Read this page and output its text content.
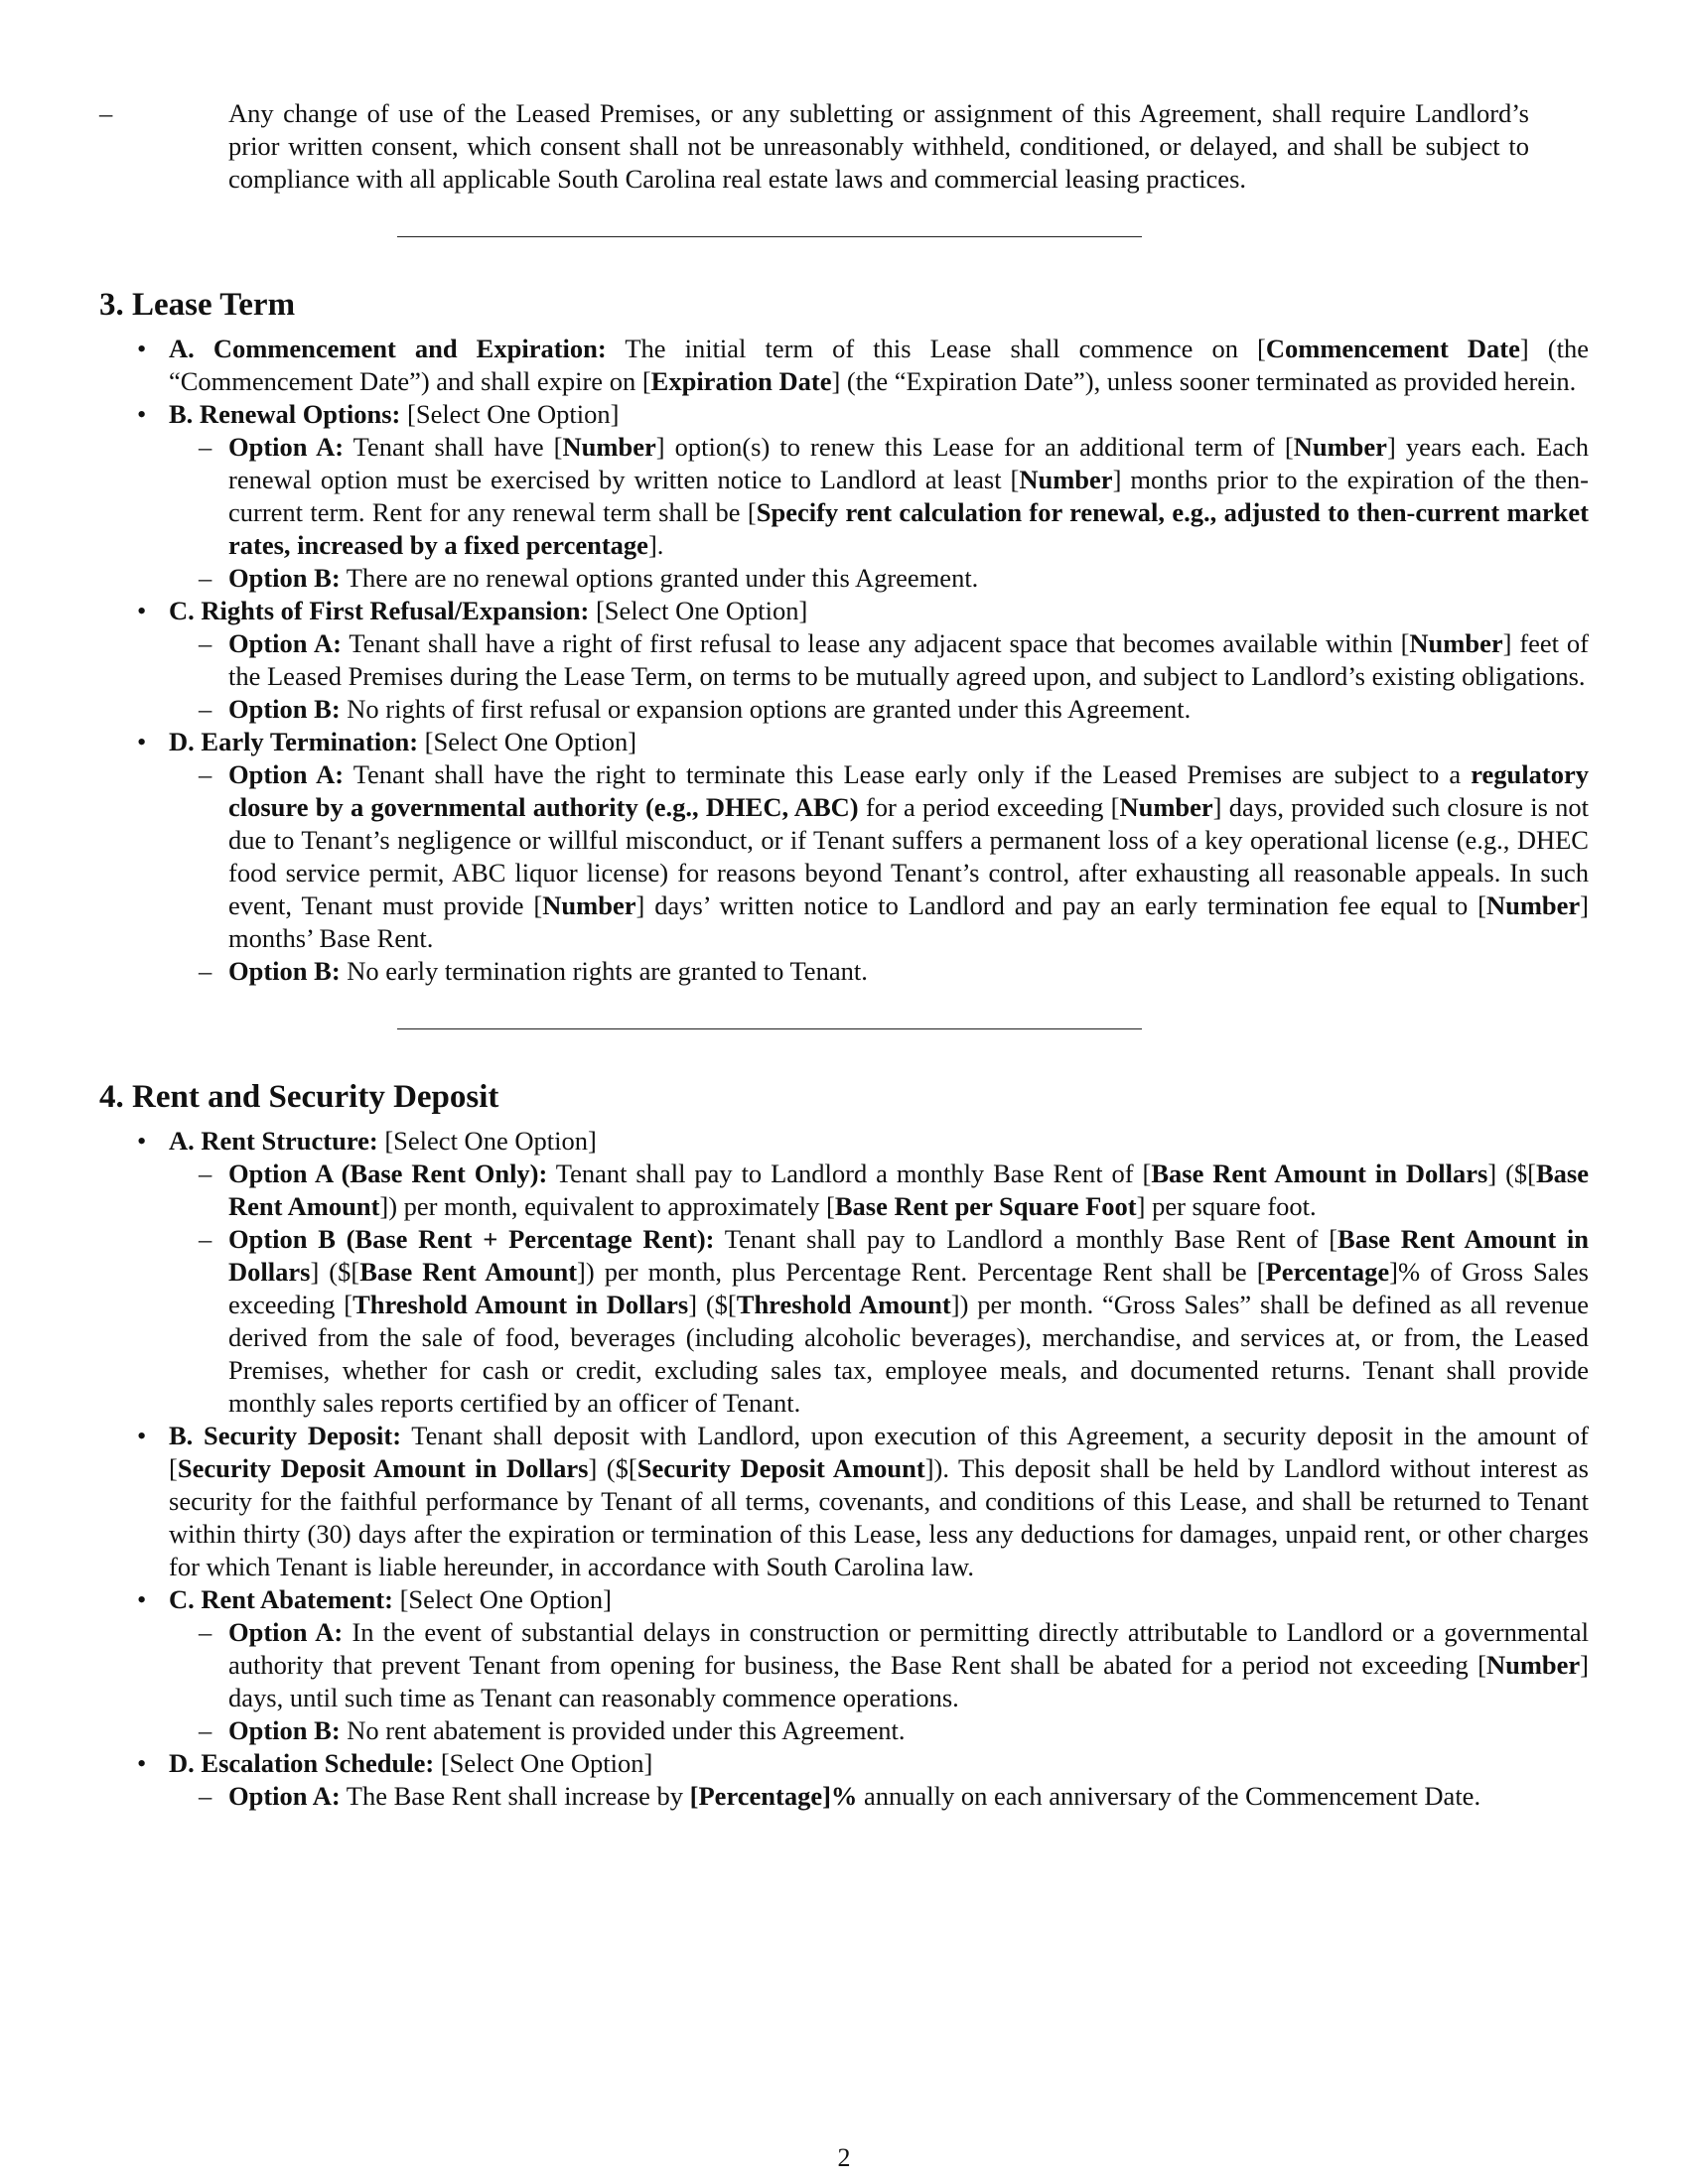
– Any change of use of the Leased Premises, or any subletting or assignment of this Agreement, shall require Landlord’s prior written consent, which consent shall not be unreasonably withheld, conditioned, or delayed, and shall be subject to compliance with all applicable South Carolina real estate laws and commercial leasing practices.
3. Lease Term
• A. Commencement and Expiration: The initial term of this Lease shall commence on [Commencement Date] (the “Commencement Date”) and shall expire on [Expiration Date] (the “Expiration Date”), unless sooner terminated as provided herein.
• B. Renewal Options: [Select One Option]
– Option A: Tenant shall have [Number] option(s) to renew this Lease for an additional term of [Number] years each. Each renewal option must be exercised by written notice to Landlord at least [Number] months prior to the expiration of the then-current term. Rent for any renewal term shall be [Specify rent calculation for renewal, e.g., adjusted to then-current market rates, increased by a fixed percentage].
– Option B: There are no renewal options granted under this Agreement.
• C. Rights of First Refusal/Expansion: [Select One Option]
– Option A: Tenant shall have a right of first refusal to lease any adjacent space that becomes available within [Number] feet of the Leased Premises during the Lease Term, on terms to be mutually agreed upon, and subject to Landlord’s existing obligations.
– Option B: No rights of first refusal or expansion options are granted under this Agreement.
• D. Early Termination: [Select One Option]
– Option A: Tenant shall have the right to terminate this Lease early only if the Leased Premises are subject to a regulatory closure by a governmental authority (e.g., DHEC, ABC) for a period exceeding [Number] days, provided such closure is not due to Tenant’s negligence or willful misconduct, or if Tenant suffers a permanent loss of a key operational license (e.g., DHEC food service permit, ABC liquor license) for reasons beyond Tenant’s control, after exhausting all reasonable appeals. In such event, Tenant must provide [Number] days’ written notice to Landlord and pay an early termination fee equal to [Number] months’ Base Rent.
– Option B: No early termination rights are granted to Tenant.
4. Rent and Security Deposit
• A. Rent Structure: [Select One Option]
– Option A (Base Rent Only): Tenant shall pay to Landlord a monthly Base Rent of [Base Rent Amount in Dollars] ($[Base Rent Amount]) per month, equivalent to approximately [Base Rent per Square Foot] per square foot.
– Option B (Base Rent + Percentage Rent): Tenant shall pay to Landlord a monthly Base Rent of [Base Rent Amount in Dollars] ($[Base Rent Amount]) per month, plus Percentage Rent. Percentage Rent shall be [Percentage]% of Gross Sales exceeding [Threshold Amount in Dollars] ($[Threshold Amount]) per month. “Gross Sales” shall be defined as all revenue derived from the sale of food, beverages (including alcoholic beverages), merchandise, and services at, or from, the Leased Premises, whether for cash or credit, excluding sales tax, employee meals, and documented returns. Tenant shall provide monthly sales reports certified by an officer of Tenant.
• B. Security Deposit: Tenant shall deposit with Landlord, upon execution of this Agreement, a security deposit in the amount of [Security Deposit Amount in Dollars] ($[Security Deposit Amount]). This deposit shall be held by Landlord without interest as security for the faithful performance by Tenant of all terms, covenants, and conditions of this Lease, and shall be returned to Tenant within thirty (30) days after the expiration or termination of this Lease, less any deductions for damages, unpaid rent, or other charges for which Tenant is liable hereunder, in accordance with South Carolina law.
• C. Rent Abatement: [Select One Option]
– Option A: In the event of substantial delays in construction or permitting directly attributable to Landlord or a governmental authority that prevent Tenant from opening for business, the Base Rent shall be abated for a period not exceeding [Number] days, until such time as Tenant can reasonably commence operations.
– Option B: No rent abatement is provided under this Agreement.
• D. Escalation Schedule: [Select One Option]
– Option A: The Base Rent shall increase by [Percentage]% annually on each anniversary of the Commencement Date.
2
